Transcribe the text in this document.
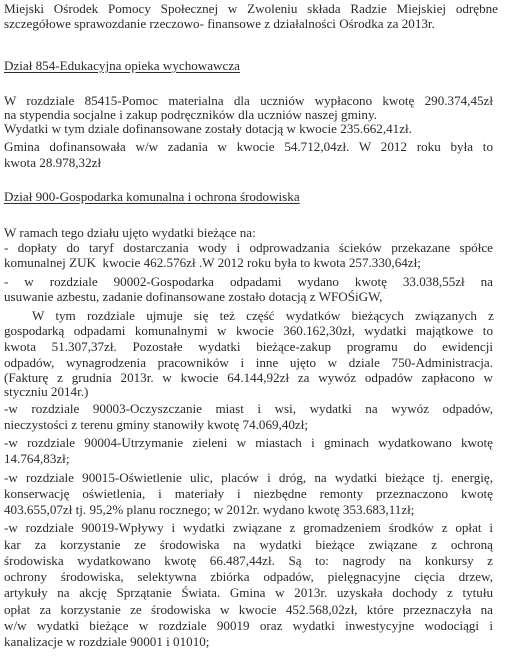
Miejski Ośrodek Pomocy Społecznej w Zwoleniu składa Radzie Miejskiej odrębne
szczegółowe sprawozdanie rzeczowo- finansowe z działalności Ośrodka za 2013r.
Dział 854-Edukacyjna opieka wychowawcza
W rozdziale 85415-Pomoc materialna dla uczniów wypłacono kwotę 290.374,45zł
na stypendia socjalne i zakup podręczników dla uczniów naszej gminy.
Wydatki w tym dziale dofinansowane zostały dotacją w kwocie 235.662,41zł.
Gmina dofinansowała w/w zadania w kwocie 54.712,04zł. W 2012 roku była to
kwota 28.978,32zł
Dział 900-Gospodarka komunalna i ochrona środowiska
W ramach tego działu ujęto wydatki bieżące na:
- dopłaty do taryf dostarczania wody i odprowadzania ścieków przekazane spółce
komunalnej ZUK  kwocie 462.576zł .W 2012 roku była to kwota 257.330,64zł;
- w rozdziale 90002-Gospodarka odpadami wydano kwotę 33.038,55zł na
usuwanie azbestu, zadanie dofinansowane zostało dotacją z WFOŚiGW,
W tym rozdziale ujmuje się też część wydatków bieżących związanych z
gospodarką odpadami komunalnymi w kwocie 360.162,30zł, wydatki majątkowe to
kwota 51.307,37zł. Pozostałe wydatki bieżące-zakup programu do ewidencji
odpadów, wynagrodzenia pracowników i inne ujęto w dziale 750-Administracja.
(Fakturę z grudnia 2013r. w kwocie 64.144,92zł za wywóz odpadów zapłacono w
styczniu 2014r.)
-w rozdziale 90003-Oczyszczanie miast i wsi, wydatki na wywóz odpadów,
nieczystości z terenu gminy stanowiły kwotę 74.069,40zł;
-w rozdziale 90004-Utrzymanie zieleni w miastach i gminach wydatkowano kwotę
14.764,83zł;
-w rozdziale 90015-Oświetlenie ulic, placów i dróg, na wydatki bieżące tj. energię,
konserwację oświetlenia, i materiały i niezbędne remonty przeznaczono kwotę
403.655,07zł tj. 95,2% planu rocznego; w 2012r. wydano kwotę 353.683,11zł;
-w rozdziale 90019-Wpływy i wydatki związane z gromadzeniem środków z opłat i
kar za korzystanie ze środowiska na wydatki bieżące związane z ochroną
środowiska wydatkowano kwotę 66.487,44zł. Są to: nagrody na konkursy z
ochrony środowiska, selektywna zbiórka odpadów, pielęgnacyjne cięcia drzew,
artykuły na akcję Sprzątanie Świata. Gmina w 2013r. uzyskała dochody z tytułu
opłat za korzystanie ze środowiska w kwocie 452.568,02zł, które przeznaczyła na
w/w wydatki bieżące w rozdziale 90019 oraz wydatki inwestycyjne wodociągi i
kanalizacje w rozdziale 90001 i 01010;
